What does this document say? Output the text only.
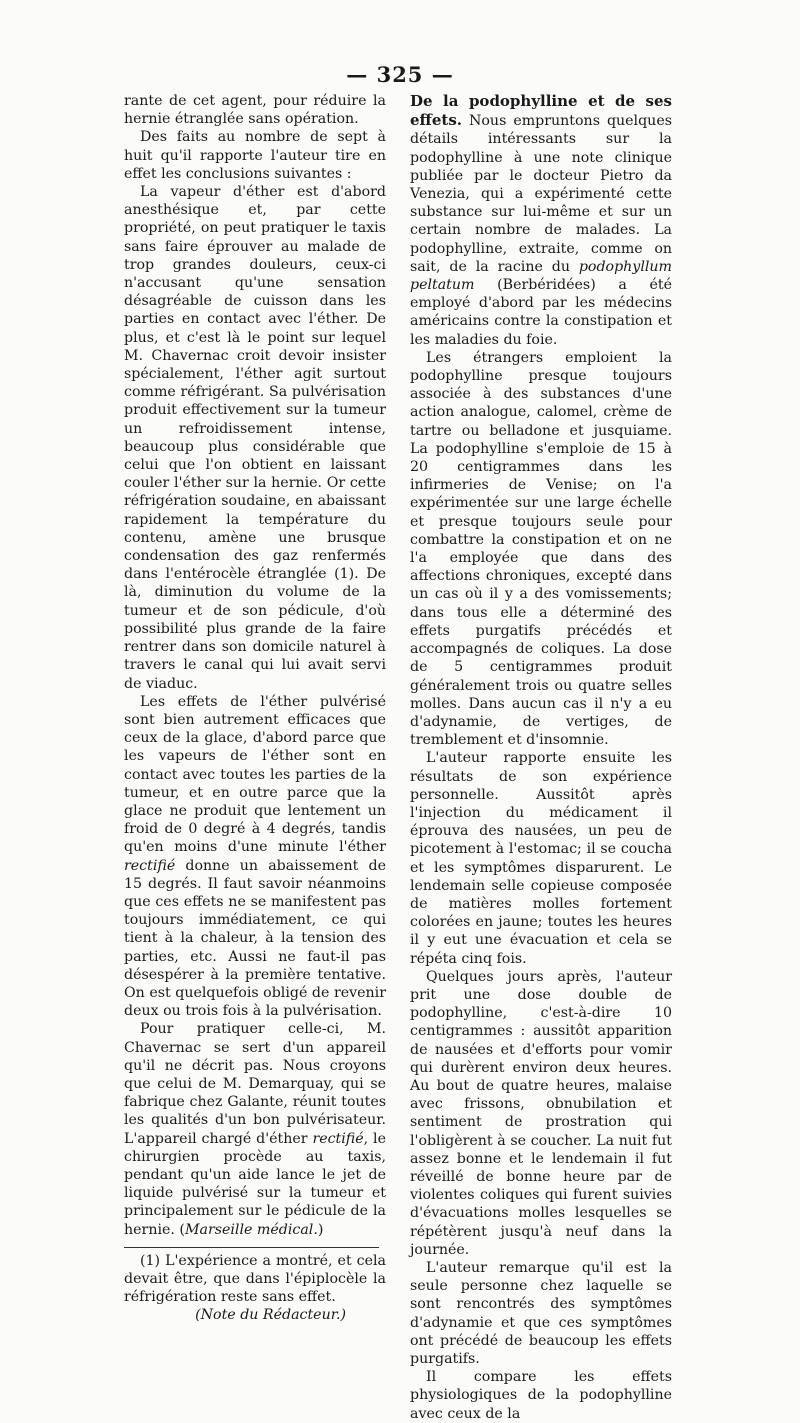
— 325 —

rante de cet agent, pour réduire la hernie étranglée sans opération.

Des faits au nombre de sept à huit qu'il rapporte l'auteur tire en effet les conclusions suivantes :

La vapeur d'éther est d'abord anesthésique et, par cette propriété, on peut pratiquer le taxis sans faire éprouver au malade de trop grandes douleurs, ceux-ci n'accusant qu'une sensation désagréable de cuisson dans les parties en contact avec l'éther. De plus, et c'est là le point sur lequel M. Chavernac croit devoir insister spécialement, l'éther agit surtout comme réfrigérant. Sa pulvérisation produit effectivement sur la tumeur un refroidissement intense, beaucoup plus considérable que celui que l'on obtient en laissant couler l'éther sur la hernie. Or cette réfrigération soudaine, en abaissant rapidement la température du contenu, amène une brusque condensation des gaz renfermés dans l'entérocèle étranglée (1). De là, diminution du volume de la tumeur et de son pédicule, d'où possibilité plus grande de la faire rentrer dans son domicile naturel à travers le canal qui lui avait servi de viaduc.

Les effets de l'éther pulvérisé sont bien autrement efficaces que ceux de la glace, d'abord parce que les vapeurs de l'éther sont en contact avec toutes les parties de la tumeur, et en outre parce que la glace ne produit que lentement un froid de 0 degré à 4 degrés, tandis qu'en moins d'une minute l'éther rectifié donne un abaissement de 15 degrés. Il faut savoir néanmoins que ces effets ne se manifestent pas toujours immédiatement, ce qui tient à la chaleur, à la tension des parties, etc. Aussi ne faut-il pas désespérer à la première tentative. On est quelquefois obligé de revenir deux ou trois fois à la pulvérisation.

Pour pratiquer celle-ci, M. Chavernac se sert d'un appareil qu'il ne décrit pas. Nous croyons que celui de M. Demarquay, qui se fabrique chez Galante, réunit toutes les qualités d'un bon pulvérisateur. L'appareil chargé d'éther rectifié, le chirurgien procède au taxis, pendant qu'un aide lance le jet de liquide pulvérisé sur la tumeur et principalement sur le pédicule de la hernie. (Marseille médical.)

(1) L'expérience a montré, et cela devait être, que dans l'épiplocèle la réfrigération reste sans effet.

(Note du Rédacteur.)

De la podophylline et de ses effets. Nous empruntons quelques détails intéressants sur la podophylline à une note clinique publiée par le docteur Pietro da Venezia, qui a expérimenté cette substance sur lui-même et sur un certain nombre de malades. La podophylline, extraite, comme on sait, de la racine du podophyllum peltatum (Berbéridées) a été employé d'abord par les médecins américains contre la constipation et les maladies du foie.

Les étrangers emploient la podophylline presque toujours associée à des substances d'une action analogue, calomel, crème de tartre ou belladone et jusquiame. La podophylline s'emploie de 15 à 20 centigrammes dans les infirmeries de Venise; on l'a expérimentée sur une large échelle et presque toujours seule pour combattre la constipation et on ne l'a employée que dans des affections chroniques, excepté dans un cas où il y a des vomissements; dans tous elle a déterminé des effets purgatifs précédés et accompagnés de coliques. La dose de 5 centigrammes produit généralement trois ou quatre selles molles. Dans aucun cas il n'y a eu d'adynamie, de vertiges, de tremblement et d'insomnie.

L'auteur rapporte ensuite les résultats de son expérience personnelle. Aussitôt après l'injection du médicament il éprouva des nausées, un peu de picotement à l'estomac; il se coucha et les symptômes disparurent. Le lendemain selle copieuse composée de matières molles fortement colorées en jaune; toutes les heures il y eut une évacuation et cela se répéta cinq fois.

Quelques jours après, l'auteur prit une dose double de podophylline, c'est-à-dire 10 centigrammes : aussitôt apparition de nausées et d'efforts pour vomir qui durèrent environ deux heures. Au bout de quatre heures, malaise avec frissons, obnubilation et sentiment de prostration qui l'obligèrent à se coucher. La nuit fut assez bonne et le lendemain il fut réveillé de bonne heure par de violentes coliques qui furent suivies d'évacuations molles lesquelles se répétèrent jusqu'à neuf dans la journée.

L'auteur remarque qu'il est la seule personne chez laquelle se sont rencontrés des symptômes d'adynamie et que ces symptômes ont précédé de beaucoup les effets purgatifs.

Il compare les effets physiologiques de la podophylline avec ceux de la
